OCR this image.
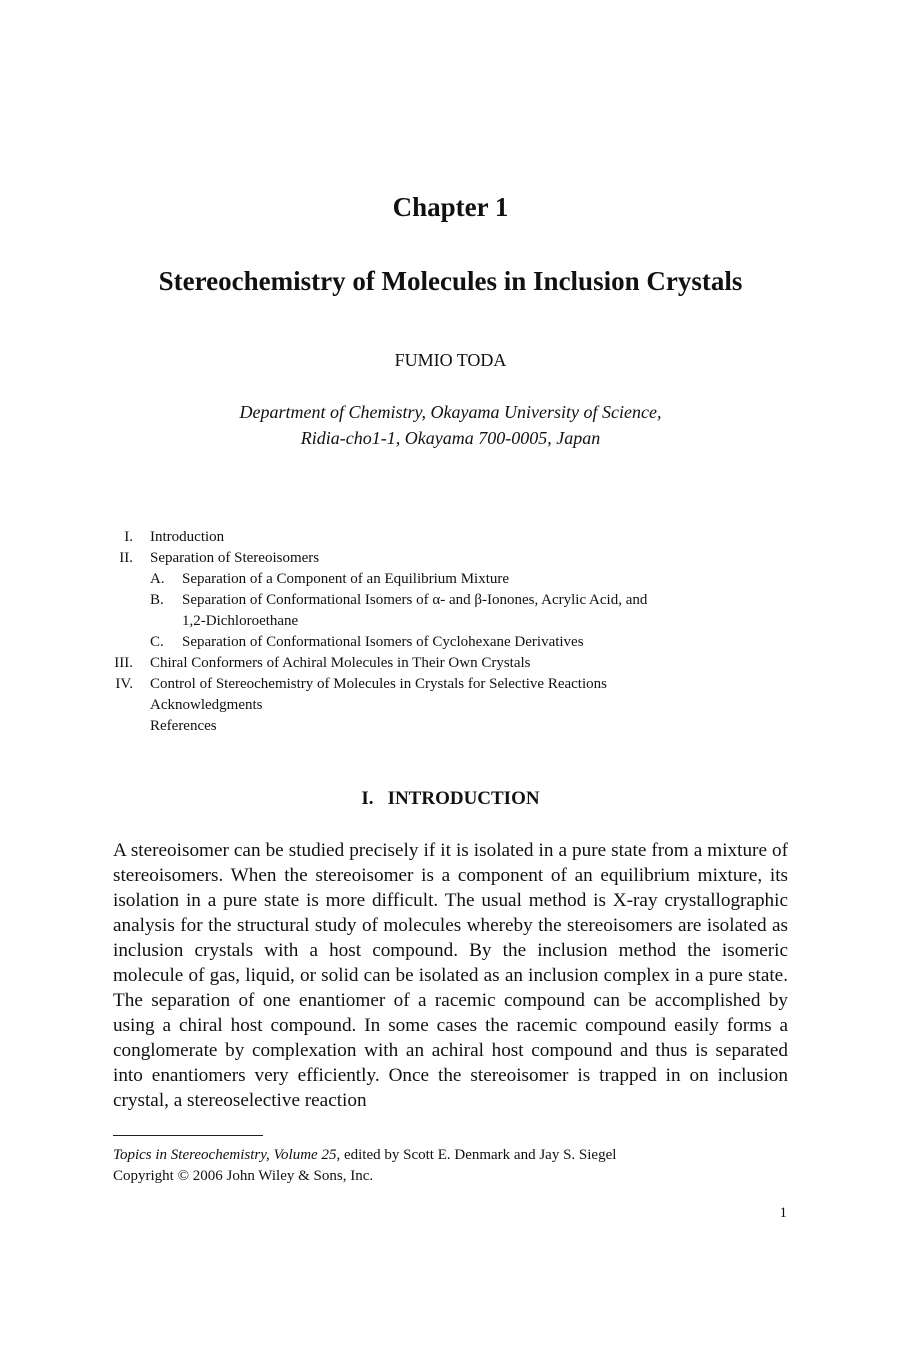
Chapter 1
Stereochemistry of Molecules in Inclusion Crystals
FUMIO TODA
Department of Chemistry, Okayama University of Science,
Ridia-cho1-1, Okayama 700-0005, Japan
I. Introduction
II. Separation of Stereoisomers
A. Separation of a Component of an Equilibrium Mixture
B. Separation of Conformational Isomers of α- and β-Ionones, Acrylic Acid, and
1,2-Dichloroethane
C. Separation of Conformational Isomers of Cyclohexane Derivatives
III. Chiral Conformers of Achiral Molecules in Their Own Crystals
IV. Control of Stereochemistry of Molecules in Crystals for Selective Reactions
Acknowledgments
References
I. INTRODUCTION
A stereoisomer can be studied precisely if it is isolated in a pure state from a mixture of stereoisomers. When the stereoisomer is a component of an equilibrium mixture, its isolation in a pure state is more difficult. The usual method is X-ray crystallographic analysis for the structural study of molecules whereby the stereoisomers are isolated as inclusion crystals with a host compound. By the inclusion method the isomeric molecule of gas, liquid, or solid can be isolated as an inclusion complex in a pure state. The separation of one enantiomer of a racemic compound can be accomplished by using a chiral host compound. In some cases the racemic compound easily forms a conglomerate by complexation with an achiral host compound and thus is separated into enantiomers very efficiently. Once the stereoisomer is trapped in on inclusion crystal, a stereoselective reaction
Topics in Stereochemistry, Volume 25, edited by Scott E. Denmark and Jay S. Siegel
Copyright © 2006 John Wiley & Sons, Inc.
1
